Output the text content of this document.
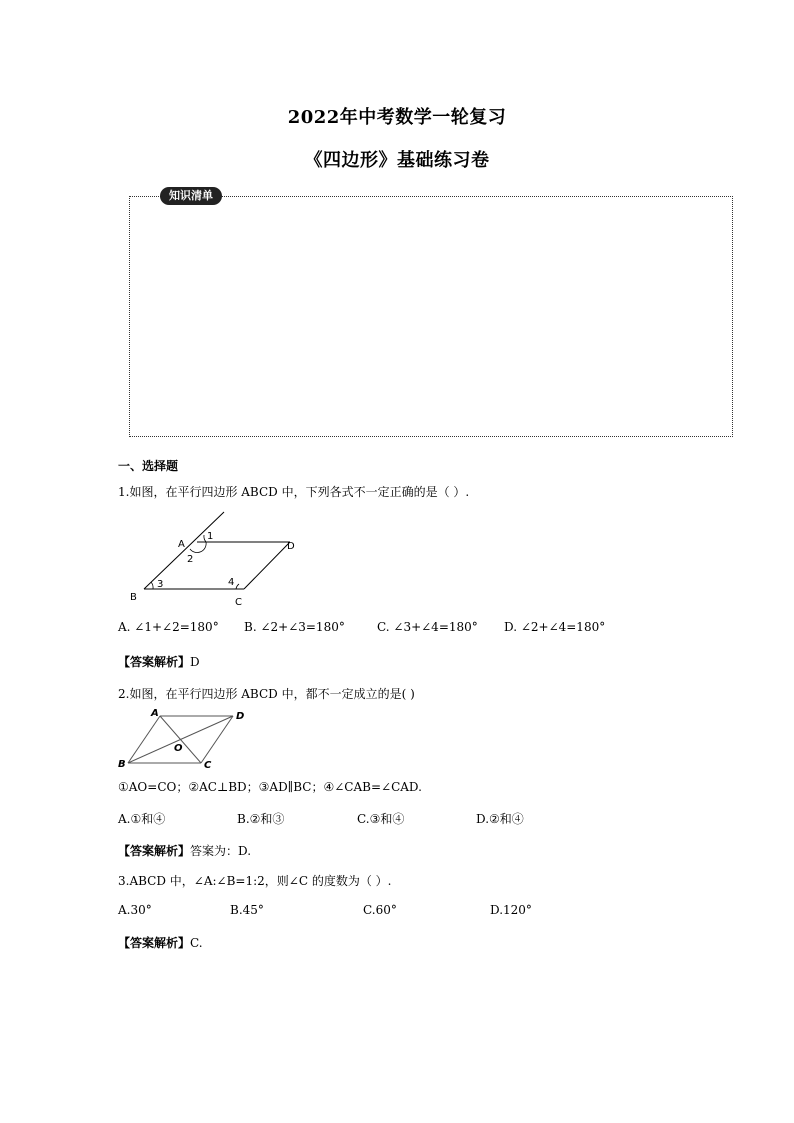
2022年中考数学一轮复习
《四边形》基础练习卷
知识清单
一、选择题
1.如图，在平行四边形 ABCD 中，下列各式不一定正确的是（ ）.
A	D
B	C
1
2
3	4
A. ∠1+∠2=180° B. ∠2+∠3=180°	C. ∠3+∠4=180° D. ∠2+∠4=180°
【答案解析】D
2.如图，在平行四边形 ABCD 中，都不一定成立的是( )
A	D
B	C
O
①AO=CO；②AC⊥BD；③AD∥BC；④∠CAB=∠CAD.
A.①和④	B.②和③	C.③和④	D.②和④
【答案解析】答案为：D.
3.ABCD 中，∠A:∠B=1:2，则∠C 的度数为（ ）.
A.30°	B.45°	C.60°	D.120°
【答案解析】C.
